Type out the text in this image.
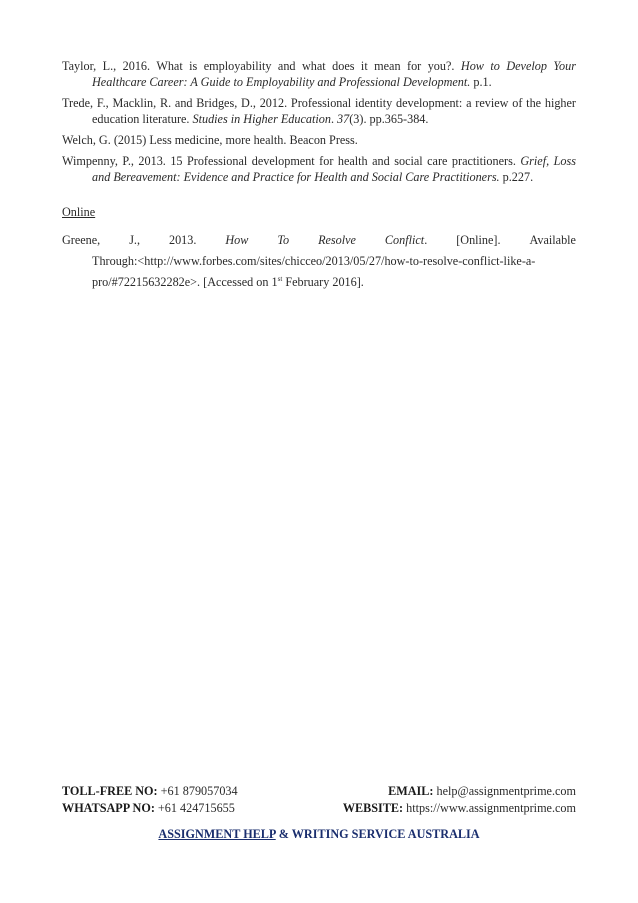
Taylor, L., 2016. What is employability and what does it mean for you?. How to Develop Your Healthcare Career: A Guide to Employability and Professional Development. p.1.

Trede, F., Macklin, R. and Bridges, D., 2012. Professional identity development: a review of the higher education literature. Studies in Higher Education. 37(3). pp.365-384.

Welch, G. (2015) Less medicine, more health. Beacon Press.

Wimpenny, P., 2013. 15 Professional development for health and social care practitioners. Grief, Loss and Bereavement: Evidence and Practice for Health and Social Care Practitioners. p.227.

Online
Greene, J., 2013. How To Resolve Conflict. [Online]. Available
Through:<http://www.forbes.com/sites/chicceo/2013/05/27/how-to-resolve-conflict-like-a-
pro/#72215632282e>. [Accessed on 1st February 2016].
TOLL-FREE NO: +61 879057034	EMAIL: help@assignmentprime.com
WHATSAPP NO: +61 424715655	WEBSITE: https://www.assignmentprime.com
ASSIGNMENT HELP & WRITING SERVICE AUSTRALIA
